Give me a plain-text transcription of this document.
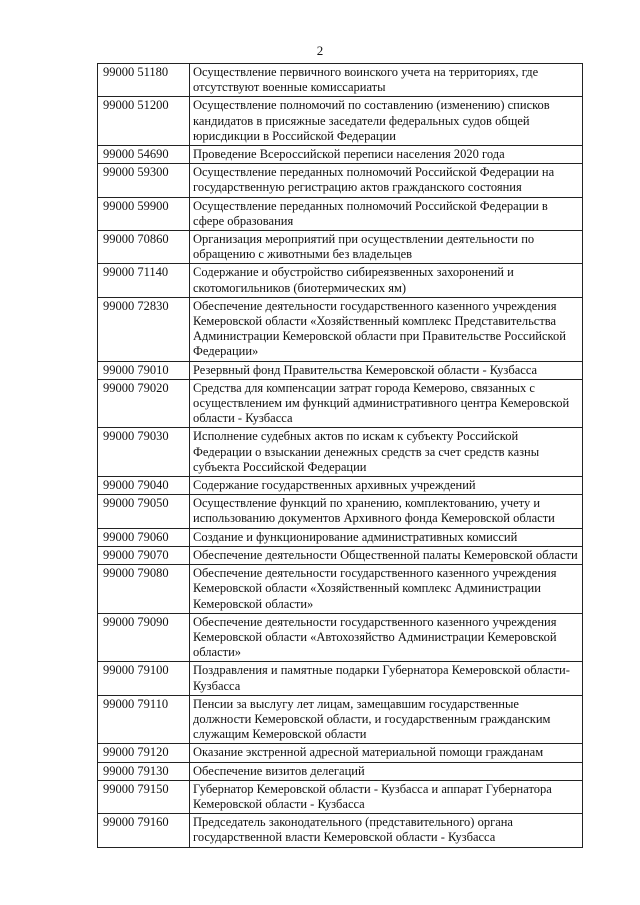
2
99000 51180	Осуществление первичного воинского учета на территориях, где отсутствуют военные комиссариаты
99000 51200	Осуществление полномочий по составлению (изменению) списков кандидатов в присяжные заседатели федеральных судов общей юрисдикции в Российской Федерации
99000 54690	Проведение Всероссийской переписи населения 2020 года
99000 59300	Осуществление переданных полномочий Российской Федерации на государственную регистрацию актов гражданского состояния
99000 59900	Осуществление переданных полномочий Российской Федерации в сфере образования
99000 70860	Организация мероприятий при осуществлении деятельности по обращению с животными без владельцев
99000 71140	Содержание и обустройство сибиреязвенных захоронений и скотомогильников (биотермических ям)
99000 72830	Обеспечение деятельности государственного казенного учреждения Кемеровской области «Хозяйственный комплекс Представительства Администрации Кемеровской области при Правительстве Российской Федерации»
99000 79010	Резервный фонд Правительства Кемеровской области - Кузбасса
99000 79020	Средства для компенсации затрат города Кемерово, связанных с осуществлением им функций административного центра Кемеровской области - Кузбасса
99000 79030	Исполнение судебных актов по искам к субъекту Российской Федерации о взыскании денежных средств за счет средств казны субъекта Российской Федерации
99000 79040	Содержание государственных архивных учреждений
99000 79050	Осуществление функций по хранению, комплектованию, учету и использованию документов Архивного фонда Кемеровской области
99000 79060	Создание и функционирование административных комиссий
99000 79070	Обеспечение деятельности Общественной палаты Кемеровской области
99000 79080	Обеспечение деятельности государственного казенного учреждения Кемеровской области «Хозяйственный комплекс Администрации Кемеровской области»
99000 79090	Обеспечение деятельности государственного казенного учреждения Кемеровской области «Автохозяйство Администрации Кемеровской области»
99000 79100	Поздравления и памятные подарки Губернатора Кемеровской области-Кузбасса
99000 79110	Пенсии за выслугу лет лицам, замещавшим государственные должности Кемеровской области, и государственным гражданским служащим Кемеровской области
99000 79120	Оказание экстренной адресной материальной помощи гражданам
99000 79130	Обеспечение визитов делегаций
99000 79150	Губернатор Кемеровской области - Кузбасса и аппарат Губернатора Кемеровской области - Кузбасса
99000 79160	Председатель законодательного (представительного) органа государственной власти Кемеровской области - Кузбасса
